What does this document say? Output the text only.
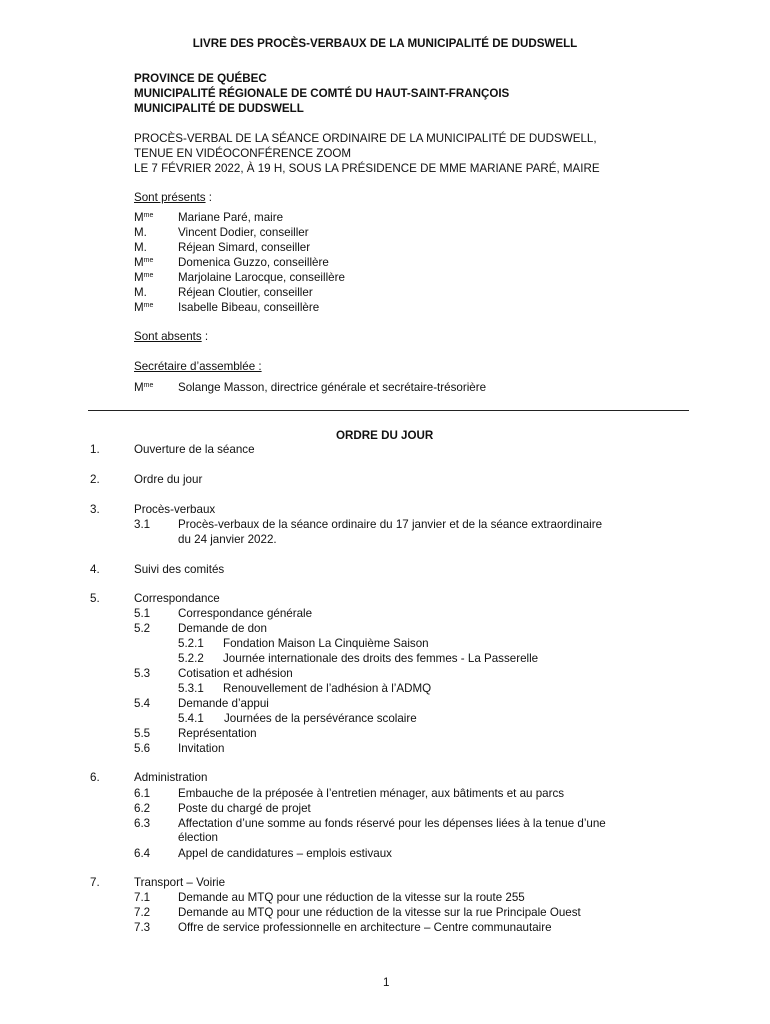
LIVRE DES PROCÈS-VERBAUX DE LA MUNICIPALITÉ DE DUDSWELL
PROVINCE DE QUÉBEC
MUNICIPALITÉ RÉGIONALE DE COMTÉ DU HAUT-SAINT-FRANÇOIS
MUNICIPALITÉ DE DUDSWELL
PROCÈS-VERBAL DE LA SÉANCE ORDINAIRE DE LA MUNICIPALITÉ DE DUDSWELL,
TENUE EN VIDÉOCONFÉRENCE ZOOM
LE 7 FÉVRIER 2022, À 19 H, SOUS LA PRÉSIDENCE DE MME MARIANE PARÉ, MAIRE
Sont présents :
$M^{me}$ Mariane Paré, maire
M.	Vincent Dodier, conseiller
M.	Réjean Simard, conseiller
$M^{me}$ Domenica Guzzo, conseillère
$M^{me}$ Marjolaine Larocque, conseillère
M.	Réjean Cloutier, conseiller
$M^{me}$ Isabelle Bibeau, conseillère
Sont absents :
Secrétaire d’assemblée :
$M^{me}$ Solange Masson, directrice générale et secrétaire-trésorière
ORDRE DU JOUR
1.	Ouverture de la séance
2.	Ordre du jour
3.	Procès-verbaux
3.1 Procès-verbaux de la séance ordinaire du 17 janvier et de la séance extraordinaire
du 24 janvier 2022.
4.	Suivi des comités
5.	Correspondance
5.1 Correspondance générale
5.2 Demande de don
5.2.1 Fondation Maison La Cinquième Saison
5.2.2 Journée internationale des droits des femmes - La Passerelle
5.3 Cotisation et adhésion
5.3.1 Renouvellement de l’adhésion à l’ADMQ
5.4 Demande d’appui
5.4.1 Journées de la persévérance scolaire
5.5 Représentation
5.6 Invitation
6.	Administration
6.1 Embauche de la préposée à l’entretien ménager, aux bâtiments et au parcs
6.2 Poste du chargé de projet
6.3 Affectation d’une somme au fonds réservé pour les dépenses liées à la tenue d’une
élection
6.4 Appel de candidatures – emplois estivaux
7.	Transport – Voirie
7.1 Demande au MTQ pour une réduction de la vitesse sur la route 255
7.2 Demande au MTQ pour une réduction de la vitesse sur la rue Principale Ouest
7.3 Offre de service professionnelle en architecture – Centre communautaire
1
